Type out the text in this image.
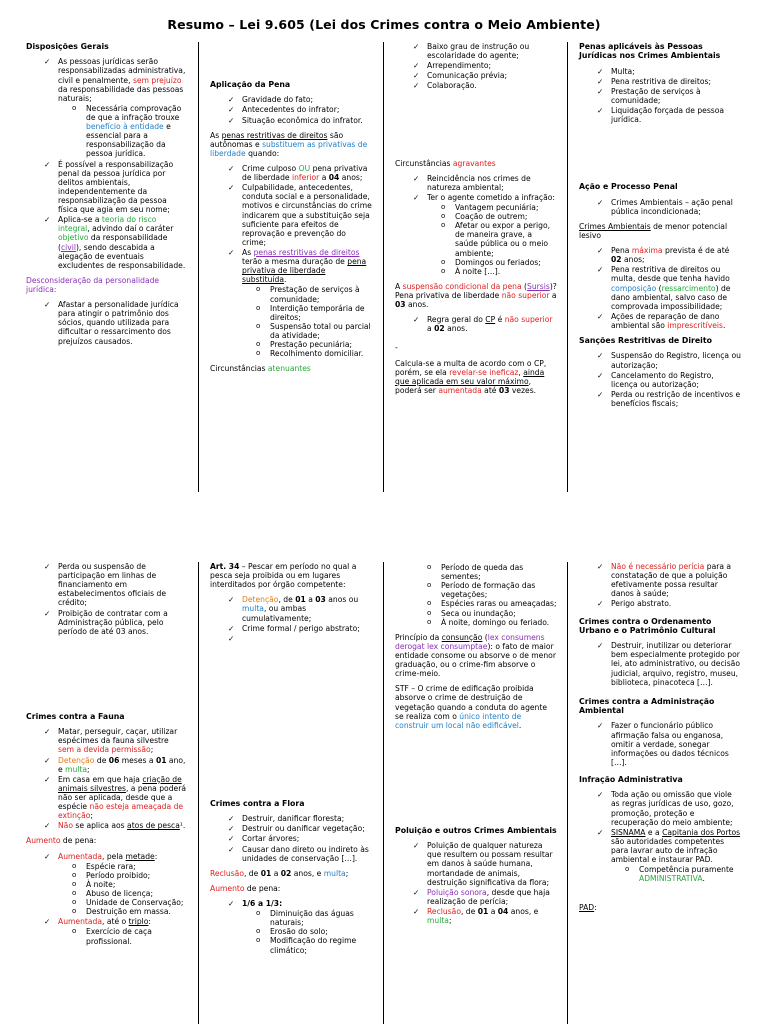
Resumo – Lei 9.605 (Lei dos Crimes contra o Meio Ambiente)
Disposições Gerais
✓ As pessoas jurídicas serão responsabilizadas administrativa, civil e penalmente, sem prejuízo da responsabilidade das pessoas naturais;
o Necessária comprovação de que a infração trouxe benefício à entidade e essencial para a responsabilização da pessoa jurídica.
✓ É possível a responsabilização penal da pessoa jurídica por delitos ambientais, independentemente da responsabilização da pessoa física que agia em seu nome;
✓ Aplica-se a teoria do risco integral, advindo daí o caráter objetivo da responsabilidade (civil), sendo descabida a alegação de eventuais excludentes de responsabilidade.

Desconsideração da personalidade jurídica:

✓ Afastar a personalidade jurídica para atingir o patrimônio dos sócios, quando utilizada para dificultar o ressarcimento dos prejuízos causados.
Aplicação da Pena
✓ Gravidade do fato;
✓ Antecedentes do infrator;
✓ Situação econômica do infrator.

As penas restritivas de direitos são autônomas e substituem as privativas de liberdade quando:

✓ Crime culposo OU pena privativa de liberdade inferior a 04 anos;
✓ Culpabilidade, antecedentes, conduta social e a personalidade, motivos e circunstâncias do crime indicarem que a substituição seja suficiente para efeitos de reprovação e prevenção do crime;
✓ As penas restritivas de direitos terão a mesma duração de pena privativa de liberdade substituída.
o Prestação de serviços à comunidade;
o Interdição temporária de direitos;
o Suspensão total ou parcial da atividade;
o Prestação pecuniária;
o Recolhimento domiciliar.

Circunstâncias atenuantes

✓ Baixo grau de instrução ou escolaridade do agente;
✓ Arrependimento;
✓ Comunicação prévia;
✓ Colaboração.

Circunstâncias agravantes

✓ Reincidência nos crimes de natureza ambiental;
✓ Ter o agente cometido a infração:
o Vantagem pecuniária;
o Coação de outrem;
o Afetar ou expor a perigo, de maneira grave, a saúde pública ou o meio ambiente;
o Domingos ou feriados;
o À noite […].

A suspensão condicional da pena (Sursis)? Pena privativa de liberdade não superior a 03 anos.

✓ Regra geral do CP é não superior a 02 anos.

-

Calcula-se a multa de acordo com o CP, porém, se ela revelar-se ineficaz, ainda que aplicada em seu valor máximo, poderá ser aumentada até 03 vezes.

Penas aplicáveis às Pessoas Jurídicas nos Crimes Ambientais
✓ Multa;
✓ Pena restritiva de direitos;
✓ Prestação de serviços à comunidade;
✓ Liquidação forçada de pessoa jurídica.
Ação e Processo Penal
✓ Crimes Ambientais – ação penal pública incondicionada;

Crimes Ambientais de menor potencial lesivo

✓ Pena máxima prevista é de até 02 anos;
✓ Pena restritiva de direitos ou multa, desde que tenha havido composição (ressarcimento) de dano ambiental, salvo caso de comprovada impossibilidade;
✓ Ações de reparação de dano ambiental são imprescritíveis.
Sanções Restritivas de Direito
✓ Suspensão do Registro, licença ou autorização;
✓ Cancelamento do Registro, licença ou autorização;
✓ Perda ou restrição de incentivos e benefícios fiscais;
✓ Perda ou suspensão de participação em linhas de financiamento em estabelecimentos oficiais de crédito;
✓ Proibição de contratar com a Administração pública, pelo período de até 03 anos.
Crimes contra a Fauna
✓ Matar, perseguir, caçar, utilizar espécimes da fauna silvestre sem a devida permissão;
✓ Detenção de 06 meses a 01 ano, e multa;
✓ Em casa em que haja criação de animais silvestres, a pena poderá não ser aplicada, desde que a espécie não esteja ameaçada de extinção;
✓ Não se aplica aos atos de pesca¹.

Aumento de pena:

✓ Aumentada, pela metade:
o Espécie rara;
o Período proibido;
o À noite;
o Abuso de licença;
o Unidade de Conservação;
o Destruição em massa.
✓ Aumentada, até o triplo:
o Exercício de caça profissional.

Art. 34 – Pescar em período no qual a pesca seja proibida ou em lugares interditados por órgão competente:

✓ Detenção, de 01 a 03 anos ou multa, ou ambas cumulativamente;
✓ Crime formal / perigo abstrato;
✓
Crimes contra a Flora
✓ Destruir, danificar floresta;
✓ Destruir ou danificar vegetação;
✓ Cortar árvores;
✓ Causar dano direto ou indireto às unidades de conservação […].

Reclusão, de 01 a 02 anos, e multa;

Aumento de pena:

✓ 1/6 a 1/3:
o Diminuição das águas naturais;
o Erosão do solo;
o Modificação do regime climático;
o Período de queda das sementes;
o Período de formação das vegetações;
o Espécies raras ou ameaçadas;
o Seca ou inundação;
o À noite, domingo ou feriado.

Princípio da consunção (lex consumens derogat lex consumptae): o fato de maior entidade consome ou absorve o de menor graduação, ou o crime-fim absorve o crime-meio.

STF – O crime de edificação proibida absorve o crime de destruição de vegetação quando a conduta do agente se realiza com o único intento de construir um local não edificável.

Poluição e outros Crimes Ambientais
✓ Poluição de qualquer natureza que resultem ou possam resultar em danos à saúde humana, mortandade de animais, destruição significativa da flora;
✓ Poluição sonora, desde que haja realização de perícia;
✓ Reclusão, de 01 a 04 anos, e multa;
✓ Não é necessário perícia para a constatação de que a poluição efetivamente possa resultar danos à saúde;
✓ Perigo abstrato.
Crimes contra o Ordenamento Urbano e o Patrimônio Cultural
✓ Destruir, inutilizar ou deteriorar bem especialmente protegido por lei, ato administrativo, ou decisão judicial, arquivo, registro, museu, biblioteca, pinacoteca […].
Crimes contra a Administração Ambiental
✓ Fazer o funcionário público afirmação falsa ou enganosa, omitir a verdade, sonegar informações ou dados técnicos […].
Infração Administrativa
✓ Toda ação ou omissão que viole as regras jurídicas de uso, gozo, promoção, proteção e recuperação do meio ambiente;
✓ SISNAMA e a Capitania dos Portos são autoridades competentes para lavrar auto de infração ambiental e instaurar PAD.
o Competência puramente ADMINISTRATIVA.

PAD:
